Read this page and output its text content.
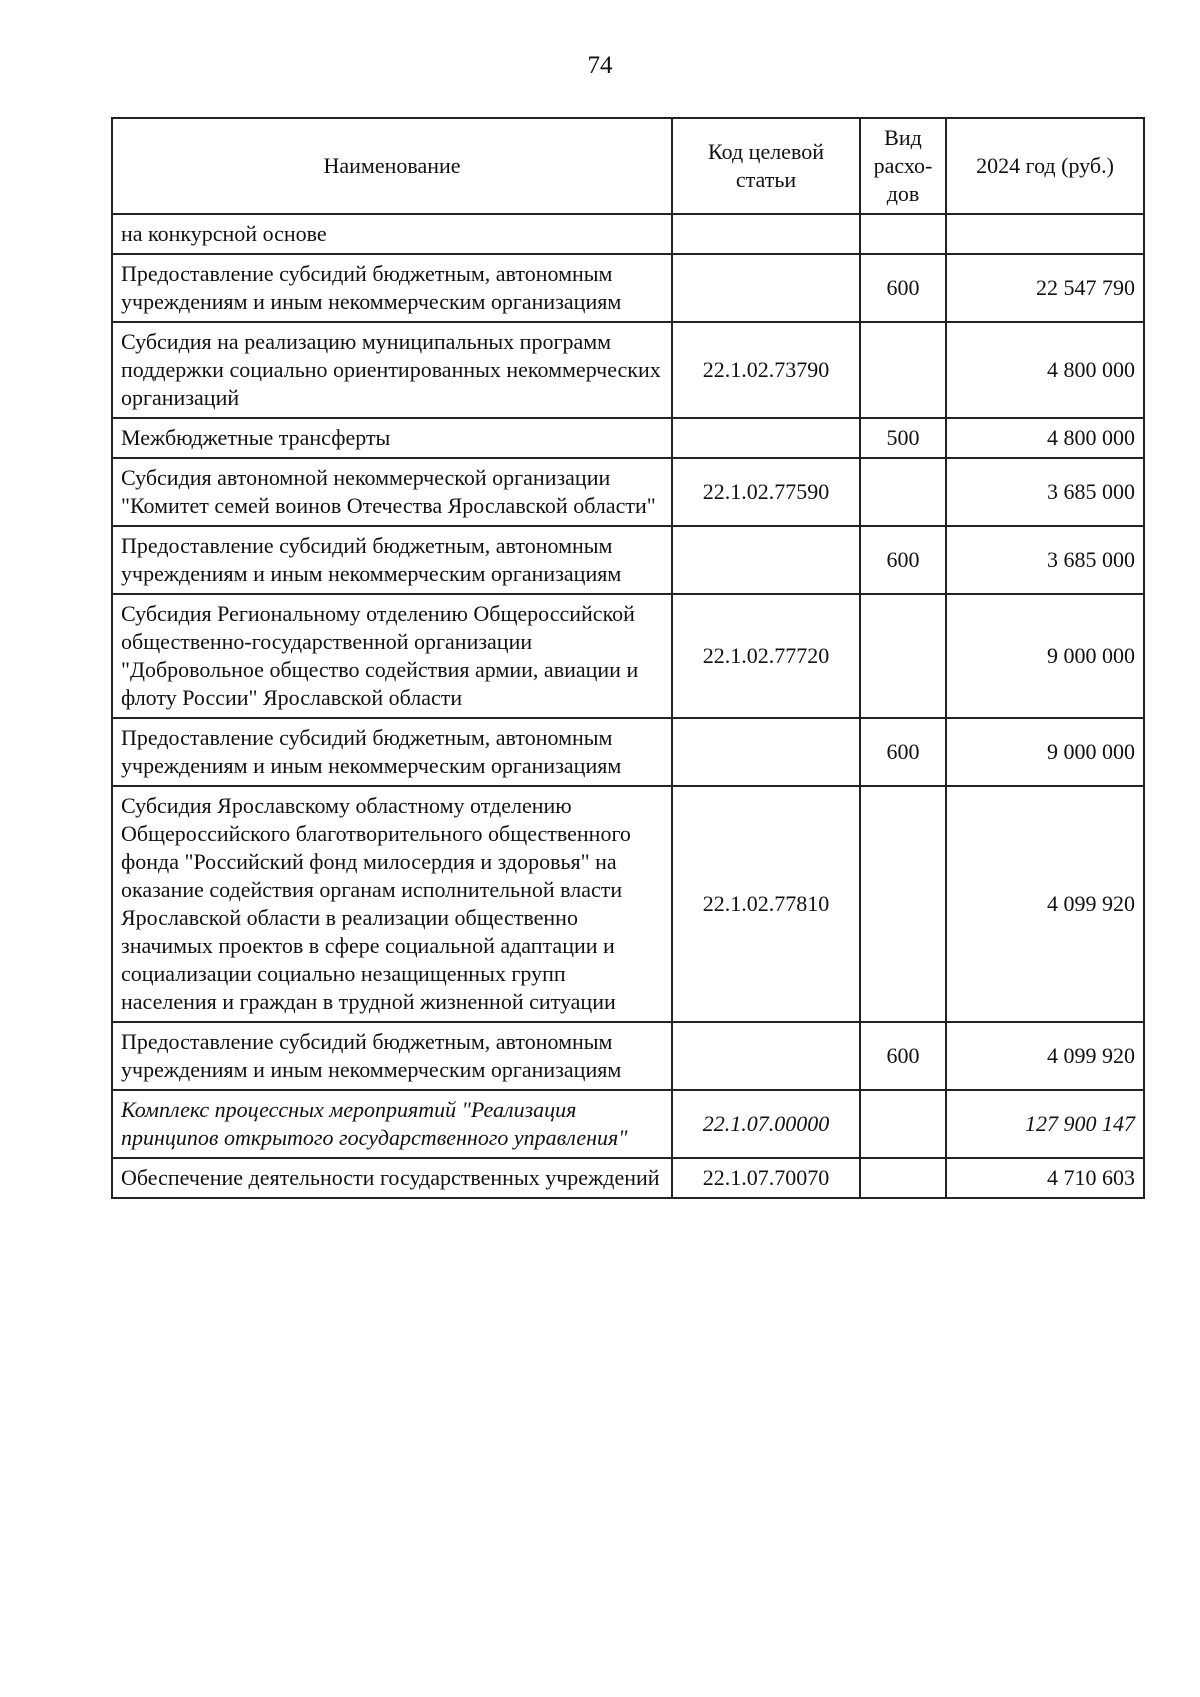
74
Наименование	Код целевой статьи	Вид расхо-дов	2024 год (руб.)
на конкурсной основе			
Предоставление субсидий бюджетным, автономным учреждениям и иным некоммерческим организациям		600	22 547 790
Субсидия на реализацию муниципальных программ поддержки социально ориентированных некоммерческих организаций	22.1.02.73790		4 800 000
Межбюджетные трансферты		500	4 800 000
Субсидия автономной некоммерческой организации "Комитет семей воинов Отечества Ярославской области"	22.1.02.77590		3 685 000
Предоставление субсидий бюджетным, автономным учреждениям и иным некоммерческим организациям		600	3 685 000
Субсидия Региональному отделению Общероссийской общественно-государственной организации "Добровольное общество содействия армии, авиации и флоту России" Ярославской области	22.1.02.77720		9 000 000
Предоставление субсидий бюджетным, автономным учреждениям и иным некоммерческим организациям		600	9 000 000
Субсидия Ярославскому областному отделению Общероссийского благотворительного общественного фонда "Российский фонд милосердия и здоровья" на оказание содействия органам исполнительной власти Ярославской области в реализации общественно значимых проектов в сфере социальной адаптации и социализации социально незащищенных групп населения и граждан в трудной жизненной ситуации	22.1.02.77810		4 099 920
Предоставление субсидий бюджетным, автономным учреждениям и иным некоммерческим организациям		600	4 099 920
Комплекс процессных мероприятий "Реализация принципов открытого государственного управления"	22.1.07.00000		127 900 147
Обеспечение деятельности государственных учреждений	22.1.07.70070		4 710 603
